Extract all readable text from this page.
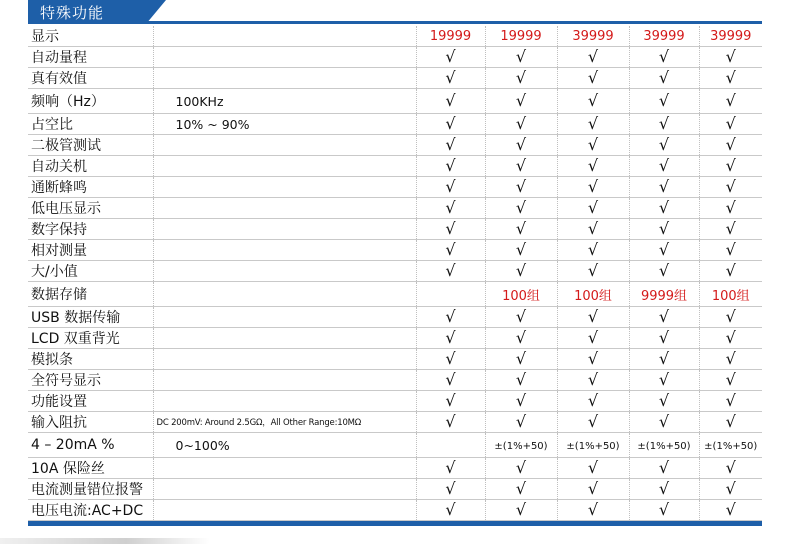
特殊功能
显示		19999	19999	39999	39999	39999
自动量程		√	√	√	√	√
真有效值		√	√	√	√	√
频响（Hz）	100KHz	√	√	√	√	√
占空比	10% ~ 90%	√	√	√	√	√
二极管测试		√	√	√	√	√
自动关机		√	√	√	√	√
通断蜂鸣		√	√	√	√	√
低电压显示		√	√	√	√	√
数字保持		√	√	√	√	√
相对测量		√	√	√	√	√
大/小值		√	√	√	√	√
数据存储			100组	100组	9999组	100组
USB 数据传输		√	√	√	√	√
LCD 双重背光		√	√	√	√	√
模拟条		√	√	√	√	√
全符号显示		√	√	√	√	√
功能设置		√	√	√	√	√
输入阻抗	DC 200mV: Around 2.5GΩ，All Other Range:10MΩ	√	√	√	√	√
4 – 20mA %	0~100%		±(1%+50)	±(1%+50)	±(1%+50)	±(1%+50)
10A 保险丝		√	√	√	√	√
电流测量错位报警		√	√	√	√	√
电压电流:AC+DC		√	√	√	√	√
